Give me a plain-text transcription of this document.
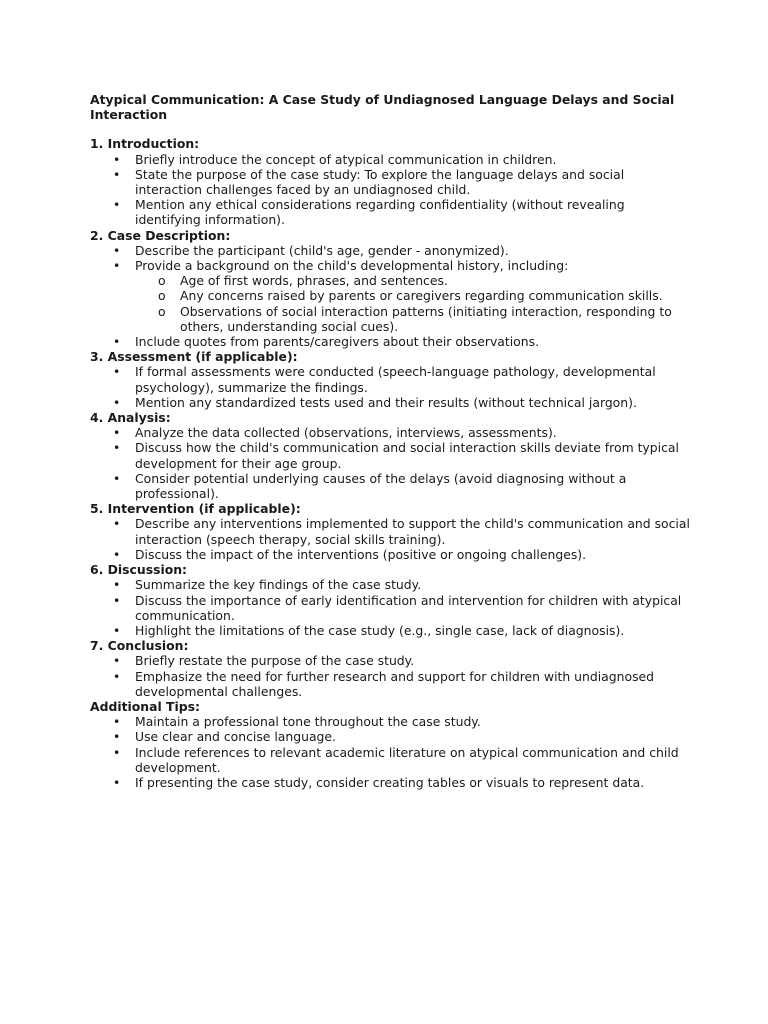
Atypical Communication: A Case Study of Undiagnosed Language Delays and Social Interaction
1. Introduction:
• Briefly introduce the concept of atypical communication in children.
• State the purpose of the case study: To explore the language delays and social interaction challenges faced by an undiagnosed child.
• Mention any ethical considerations regarding confidentiality (without revealing identifying information).
2. Case Description:
• Describe the participant (child's age, gender - anonymized).
• Provide a background on the child's developmental history, including:
o Age of first words, phrases, and sentences.
o Any concerns raised by parents or caregivers regarding communication skills.
o Observations of social interaction patterns (initiating interaction, responding to others, understanding social cues).
• Include quotes from parents/caregivers about their observations.
3. Assessment (if applicable):
• If formal assessments were conducted (speech-language pathology, developmental psychology), summarize the findings.
• Mention any standardized tests used and their results (without technical jargon).
4. Analysis:
• Analyze the data collected (observations, interviews, assessments).
• Discuss how the child's communication and social interaction skills deviate from typical development for their age group.
• Consider potential underlying causes of the delays (avoid diagnosing without a professional).
5. Intervention (if applicable):
• Describe any interventions implemented to support the child's communication and social interaction (speech therapy, social skills training).
• Discuss the impact of the interventions (positive or ongoing challenges).
6. Discussion:
• Summarize the key findings of the case study.
• Discuss the importance of early identification and intervention for children with atypical communication.
• Highlight the limitations of the case study (e.g., single case, lack of diagnosis).
7. Conclusion:
• Briefly restate the purpose of the case study.
• Emphasize the need for further research and support for children with undiagnosed developmental challenges.
Additional Tips:
• Maintain a professional tone throughout the case study.
• Use clear and concise language.
• Include references to relevant academic literature on atypical communication and child development.
• If presenting the case study, consider creating tables or visuals to represent data.
